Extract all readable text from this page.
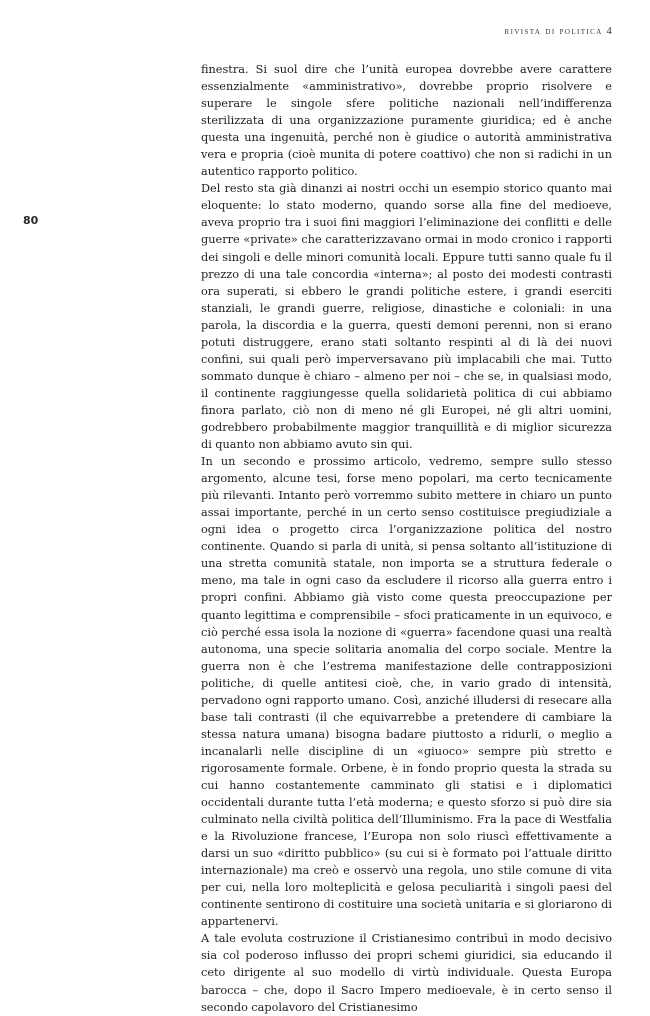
rivista di politica 4
80

finestra. Si suol dire che l’unità europea dovrebbe avere carattere essenzialmente «amministrativo», dovrebbe proprio risolvere e superare le singole sfere politiche nazionali nell’indifferenza sterilizzata di una organizzazione puramente giuridica; ed è anche questa una ingenuità, perché non è giudice o autorità amministrativa vera e propria (cioè munita di potere coattivo) che non si radichi in un autentico rapporto politico.

Del resto sta già dinanzi ai nostri occhi un esempio storico quanto mai eloquente: lo stato moderno, quando sorse alla fine del medioeve, aveva proprio tra i suoi fini maggiori l’eliminazione dei conflitti e delle guerre «private» che caratterizzavano ormai in modo cronico i rapporti dei singoli e delle minori comunità locali. Eppure tutti sanno quale fu il prezzo di una tale concordia «interna»; al posto dei modesti contrasti ora superati, si ebbero le grandi politiche estere, i grandi eserciti stanziali, le grandi guerre, religiose, dinastiche e coloniali: in una parola, la discordia e la guerra, questi demoni perenni, non si erano potuti distruggere, erano stati soltanto respinti al di là dei nuovi confini, sui quali però imperversavano più implacabili che mai. Tutto sommato dunque è chiaro – almeno per noi – che se, in qualsiasi modo, il continente raggiungesse quella solidarietà politica di cui abbiamo finora parlato, ciò non di meno né gli Europei, né gli altri uomini, godrebbero probabilmente maggior tranquillità e di miglior sicurezza di quanto non abbiamo avuto sin qui.

In un secondo e prossimo articolo, vedremo, sempre sullo stesso argomento, alcune tesi, forse meno popolari, ma certo tecnicamente più rilevanti. Intanto però vorremmo subito mettere in chiaro un punto assai importante, perché in un certo senso costituisce pregiudiziale a ogni idea o progetto circa l’organizzazione politica del nostro continente. Quando si parla di unità, si pensa soltanto all’istituzione di una stretta comunità statale, non importa se a struttura federale o meno, ma tale in ogni caso da escludere il ricorso alla guerra entro i propri confini. Abbiamo già visto come questa preoccupazione per quanto legittima e comprensibile – sfoci praticamente in un equivoco, e ciò perché essa isola la nozione di «guerra» facendone quasi una realtà autonoma, una specie solitaria anomalia del corpo sociale. Mentre la guerra non è che l’estrema manifestazione delle contrapposizioni politiche, di quelle antitesi cioè, che, in vario grado di intensità, pervadono ogni rapporto umano. Così, anziché illudersi di resecare alla base tali contrasti (il che equivarrebbe a pretendere di cambiare la stessa natura umana) bisogna badare piuttosto a ridurli, o meglio a incanalarli nelle discipline di un «giuoco» sempre più stretto e rigorosamente formale. Orbene, è in fondo proprio questa la strada su cui hanno costantemente camminato gli statisi e i diplomatici occidentali durante tutta l’età moderna; e questo sforzo si può dire sia culminato nella civiltà politica dell’Illuminismo. Fra la pace di Westfalia e la Rivoluzione francese, l’Europa non solo riuscì effettivamente a darsi un suo «diritto pubblico» (su cui si è formato poi l’attuale diritto internazionale) ma creò e osservò una regola, uno stile comune di vita per cui, nella loro molteplicità e gelosa peculiarità i singoli paesi del continente sentirono di costituire una società unitaria e si gloriarono di appartenervi.

A tale evoluta costruzione il Cristianesimo contribuì in modo decisivo sia col poderoso influsso dei propri schemi giuridici, sia educando il ceto dirigente al suo modello di virtù individuale. Questa Europa barocca – che, dopo il Sacro Impero medioevale, è in certo senso il secondo capolavoro del Cristianesimo
